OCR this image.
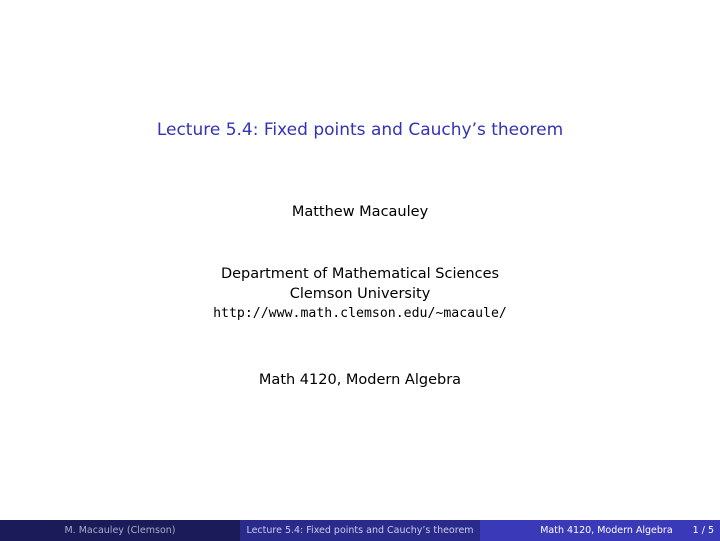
Lecture 5.4: Fixed points and Cauchy’s theorem
Matthew Macauley
Department of Mathematical Sciences
Clemson University
http://www.math.clemson.edu/~macaule/
Math 4120, Modern Algebra
M. Macauley (Clemson)	Lecture 5.4: Fixed points and Cauchy’s theorem	Math 4120, Modern Algebra 1 / 5
